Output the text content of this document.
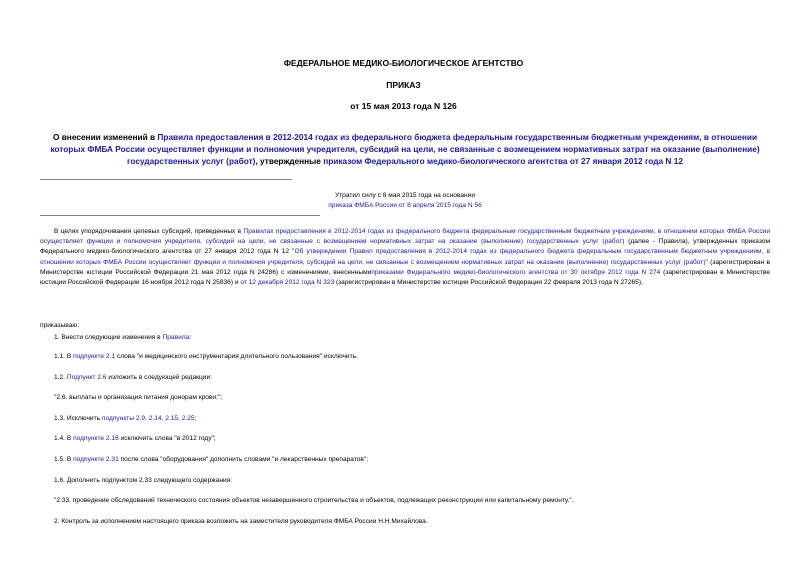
ФЕДЕРАЛЬНОЕ МЕДИКО-БИОЛОГИЧЕСКОЕ АГЕНТСТВО
ПРИКАЗ
от 15 мая 2013 года N 126
О внесении изменений в Правила предоставления в 2012-2014 годах из федерального бюджета федеральным государственным бюджетным учреждениям, в отношении которых ФМБА России осуществляет функции и полномочия учредителя, субсидий на цели, не связанные с возмещением нормативных затрат на оказание (выполнение) государственных услуг (работ), утвержденные приказом Федерального медико-биологического агентства от 27 января 2012 года N 12
Утратил силу с 8 мая 2015 года на основании
приказа ФМБА России от 8 апреля 2015 года N 56
В целях упорядочивания целевых субсидий, приведенных в Правилах предоставления в 2012-2014 годах из федерального бюджета федеральным государственным бюджетным учреждениям, в отношении которых ФМБА России осуществляет функции и полномочия учредителя, субсидий на цели, не связанные с возмещением нормативных затрат на оказание (выполнение) государственных услуг (работ) (далее - Правила), утвержденных приказом Федерального медико-биологического агентства от 27 января 2012 года N 12 "Об утверждении Правил предоставления в 2012-2014 годах из федерального бюджета федеральным государственным бюджетным учреждениям, в отношении которых ФМБА России осуществляет функции и полномочия учредителя, субсидий на цели, не связанные с возмещением нормативных затрат на оказание (выполнение) государственных услуг (работ)" (зарегистрирован в Министерстве юстиции Российской Федерации 21 мая 2012 года N 24286) с изменениями, внесеннымиприказами Федерального медико-биологического агентства от 30 октября 2012 года N 274 (зарегистрирован в Министерстве юстиции Российской Федерации 16 ноября 2012 года N 25836) и от 12 декабря 2012 года N 323 (зарегистрирован в Министерстве юстиции Российской Федерации 22 февраля 2013 года N 27265),
приказываю:
1. Внести следующие изменения в Правила:
1.1. В подпункте 2.1 слова "и медицинского инструментария длительного пользования" исключить.
1.2. Подпункт 2.6 изложить в следующей редакции:
"2.6. выплаты и организация питания донорам крови;";
1.3. Исключить подпункты 2.9, 2.14, 2.15, 2.25;
1.4. В подпункте 2.16 исключить слова "в 2012 году";
1.5. В подпункте 2.31 после слова "оборудования" дополнить словами "и лекарственных препаратов";
1.6. Дополнить подпунктом 2.33 следующего содержания:
"2.33. проведение обследований технического состояния объектов незавершенного строительства и объектов, подлежащих реконструкции или капитальному ремонту.".
2. Контроль за исполнением настоящего приказа возложить на заместителя руководителя ФМБА России Н.Н.Михайлова.
